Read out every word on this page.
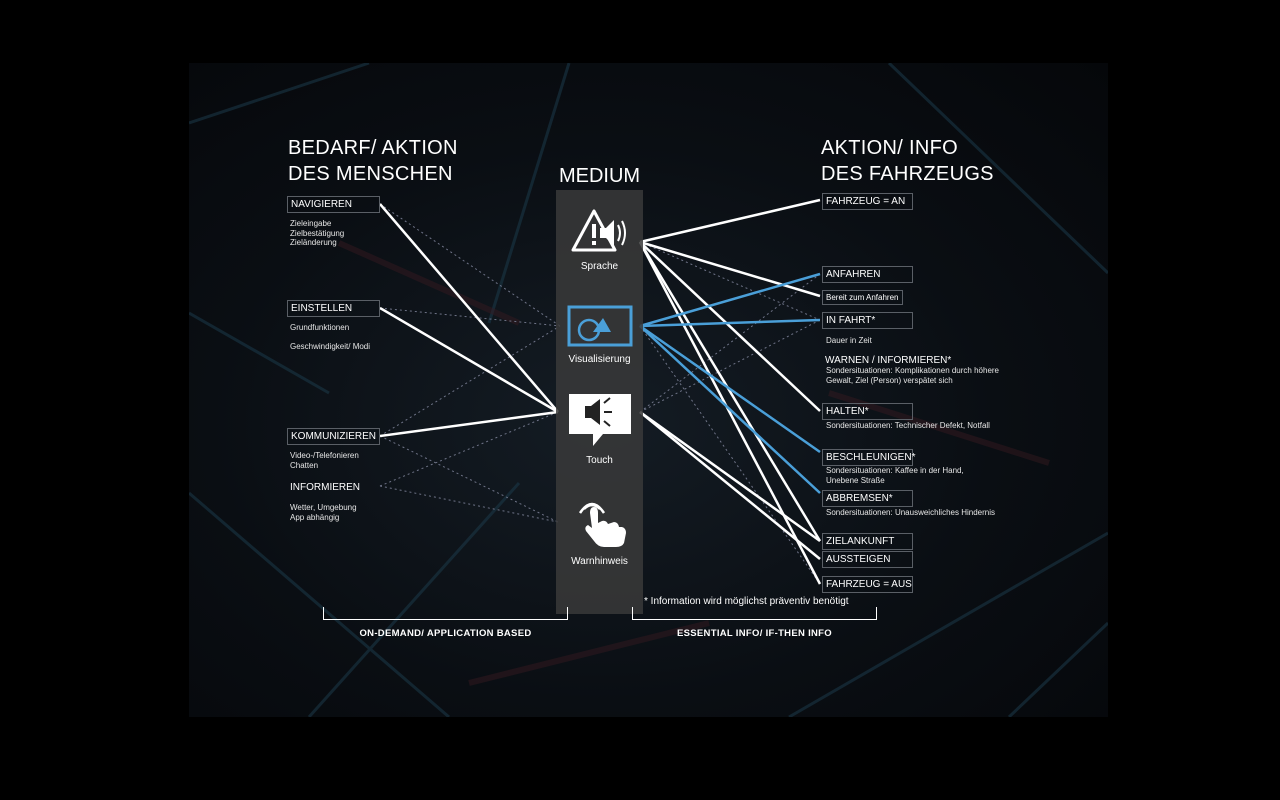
BEDARF/ AKTION
DES MENSCHEN
NAVIGIEREN
Zieleingabe
Zielbestätigung
Zieländerung
EINSTELLEN
Grundfunktionen
Geschwindigkeit/ Modi
KOMMUNIZIEREN
Video-/Telefonieren
Chatten
INFORMIEREN
Wetter, Umgebung
App abhängig
MEDIUM
Sprache
Visualisierung
Touch
Warnhinweis
AKTION/ INFO
DES FAHRZEUGS
FAHRZEUG = AN
ANFAHREN
Bereit zum Anfahren
IN FAHRT*
Dauer in Zeit
WARNEN / INFORMIEREN*
Sondersituationen: Komplikationen durch höhere
Gewalt, Ziel (Person) verspätet sich
HALTEN*
Sondersituationen: Technischer Defekt, Notfall
BESCHLEUNIGEN*
Sondersituationen: Kaffee in der Hand,
Unebene Straße
ABBREMSEN*
Sondersituationen: Unausweichliches Hindernis
ZIELANKUNFT
AUSSTEIGEN
FAHRZEUG = AUS
* Information wird möglichst präventiv benötigt
ON-DEMAND/ APPLICATION BASED	ESSENTIAL INFO/ IF-THEN INFO
